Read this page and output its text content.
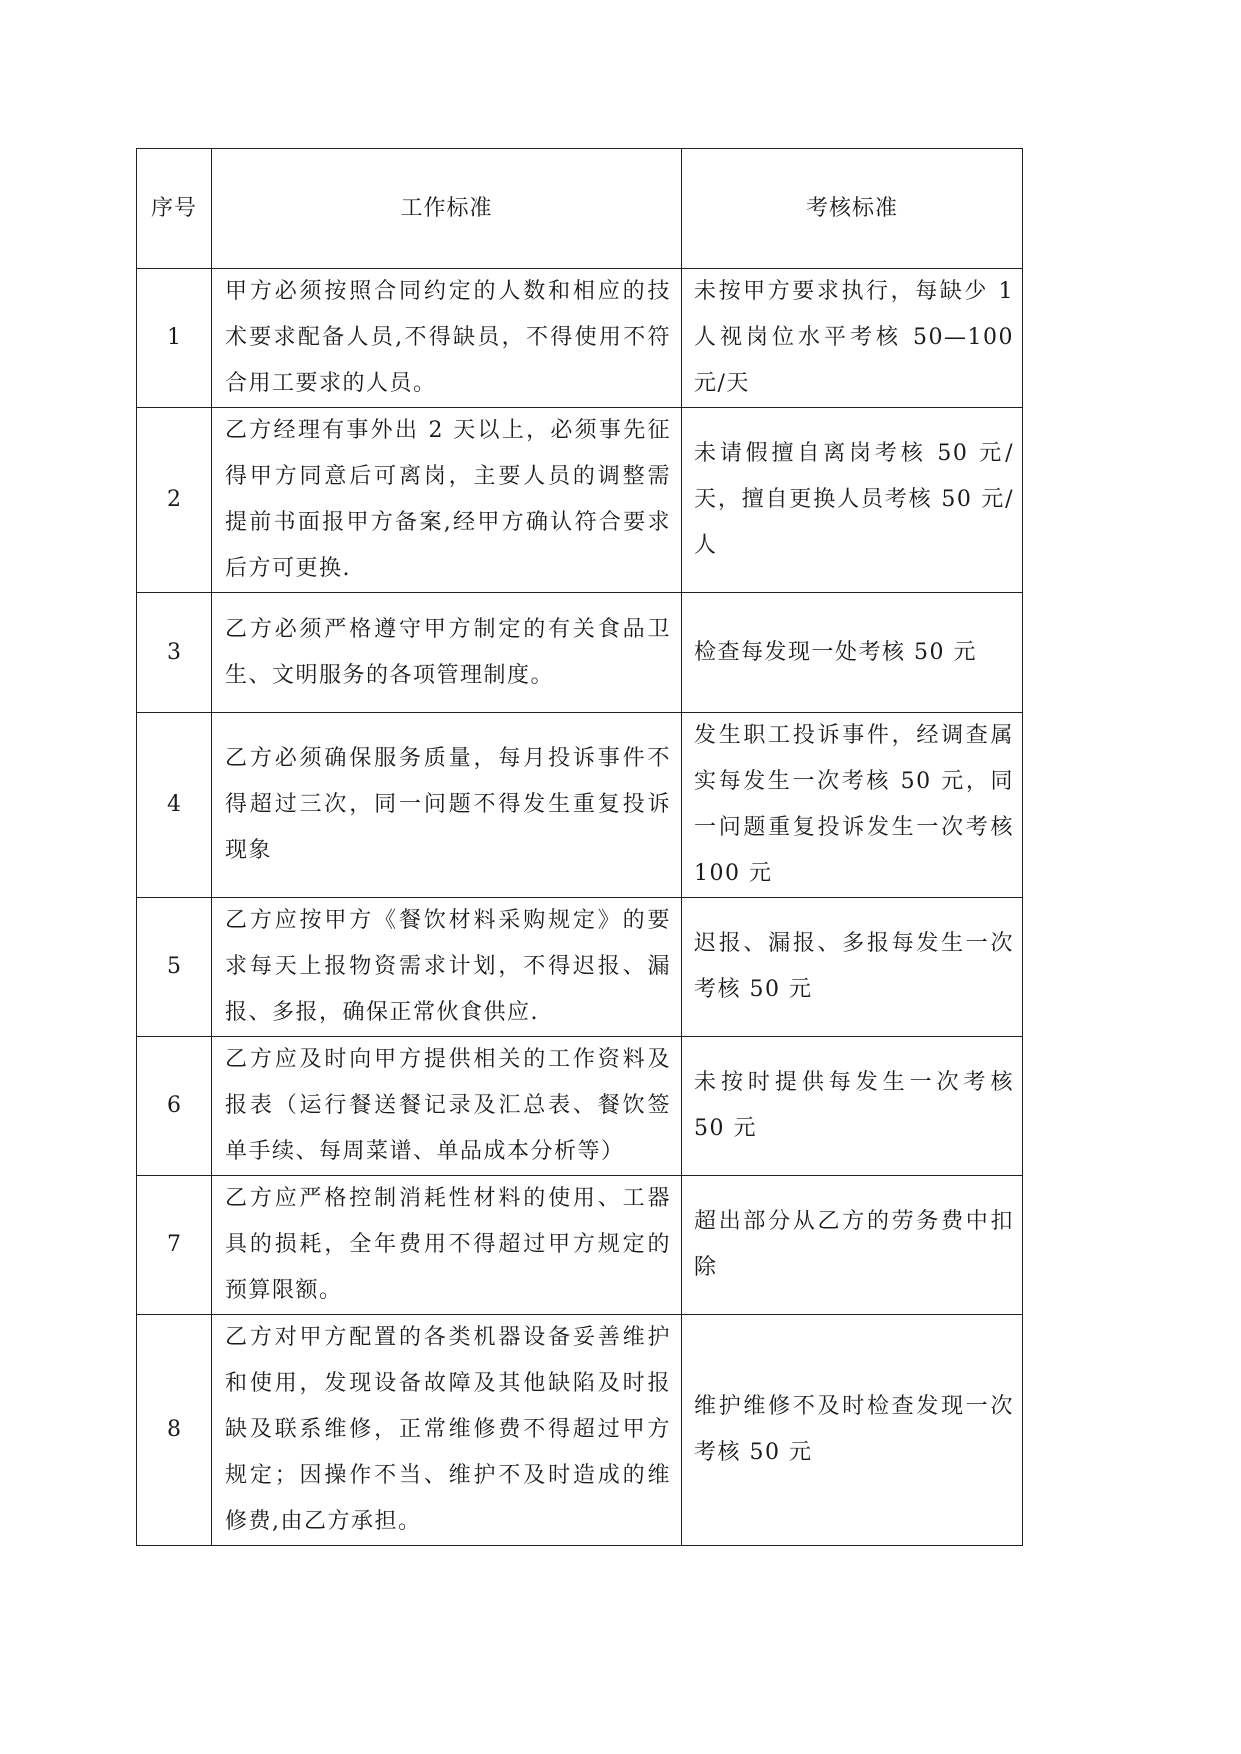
序号	工作标准	考核标准
1	甲方必须按照合同约定的人数和相应的技术要求配备人员,不得缺员，不得使用不符合用工要求的人员。	未按甲方要求执行，每缺少 1 人视岗位水平考核 50—100 元/天
2	乙方经理有事外出 2 天以上，必须事先征得甲方同意后可离岗，主要人员的调整需提前书面报甲方备案,经甲方确认符合要求后方可更换.	未请假擅自离岗考核 50 元/天，擅自更换人员考核 50 元/人
3	乙方必须严格遵守甲方制定的有关食品卫生、文明服务的各项管理制度。	检查每发现一处考核 50 元
4	乙方必须确保服务质量，每月投诉事件不得超过三次，同一问题不得发生重复投诉现象	发生职工投诉事件，经调查属实每发生一次考核 50 元，同一问题重复投诉发生一次考核 100 元
5	乙方应按甲方《餐饮材料采购规定》的要求每天上报物资需求计划，不得迟报、漏报、多报，确保正常伙食供应.	迟报、漏报、多报每发生一次考核 50 元
6	乙方应及时向甲方提供相关的工作资料及报表（运行餐送餐记录及汇总表、餐饮签单手续、每周菜谱、单品成本分析等）	未按时提供每发生一次考核 50 元
7	乙方应严格控制消耗性材料的使用、工器具的损耗，全年费用不得超过甲方规定的预算限额。	超出部分从乙方的劳务费中扣除
8	乙方对甲方配置的各类机器设备妥善维护和使用，发现设备故障及其他缺陷及时报缺及联系维修，正常维修费不得超过甲方规定；因操作不当、维护不及时造成的维修费,由乙方承担。	维护维修不及时检查发现一次考核 50 元
